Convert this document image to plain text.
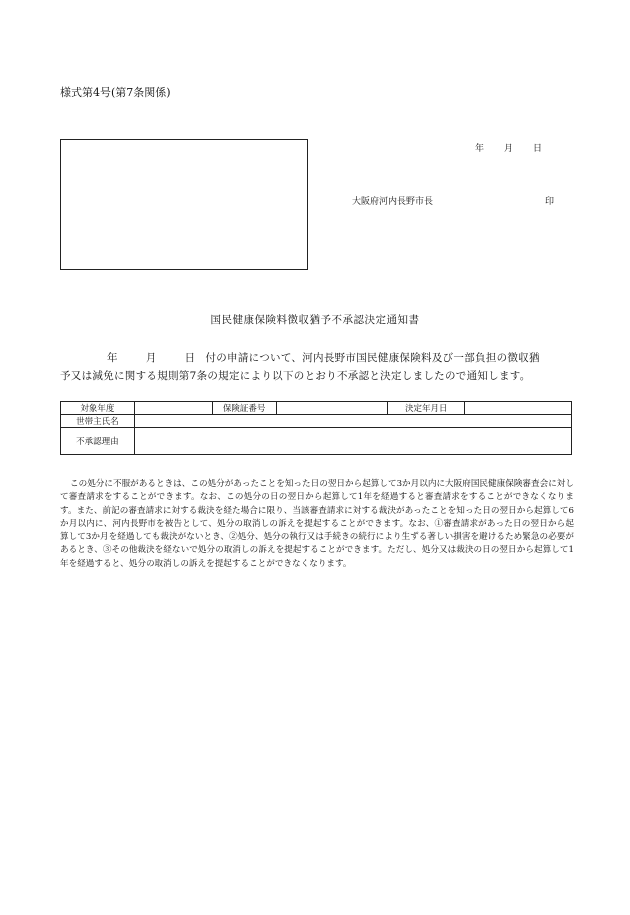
様式第4号(第7条関係)
年 月 日
大阪府河内長野市長	印
国民健康保険料徴収猶予不承認決定通知書
年	月	日 付の申請について、河内長野市国民健康保険料及び一部負担の徴収猶
予又は減免に関する規則第7条の規定により以下のとおり不承認と決定しましたので通知します。
対象年度		保険証番号		決定年月日	
世帯主氏名					
不承認理由					
この処分に不服があるときは、この処分があったことを知った日の翌日から起算して3か月以内に大阪府国民健康保険審査会に対して審査請求をすることができます。なお、この処分の日の翌日から起算して1年を経過すると審査請求をすることができなくなります。また、前記の審査請求に対する裁決を経た場合に限り、当該審査請求に対する裁決があったことを知った日の翌日から起算して6か月以内に、河内長野市を被告として、処分の取消しの訴えを提起することができます。なお、①審査請求があった日の翌日から起算して3か月を経過しても裁決がないとき、②処分、処分の執行又は手続きの続行により生ずる著しい損害を避けるため緊急の必要があるとき、③その他裁決を経ないで処分の取消しの訴えを提起することができます。ただし、処分又は裁決の日の翌日から起算して1年を経過すると、処分の取消しの訴えを提起することができなくなります。
